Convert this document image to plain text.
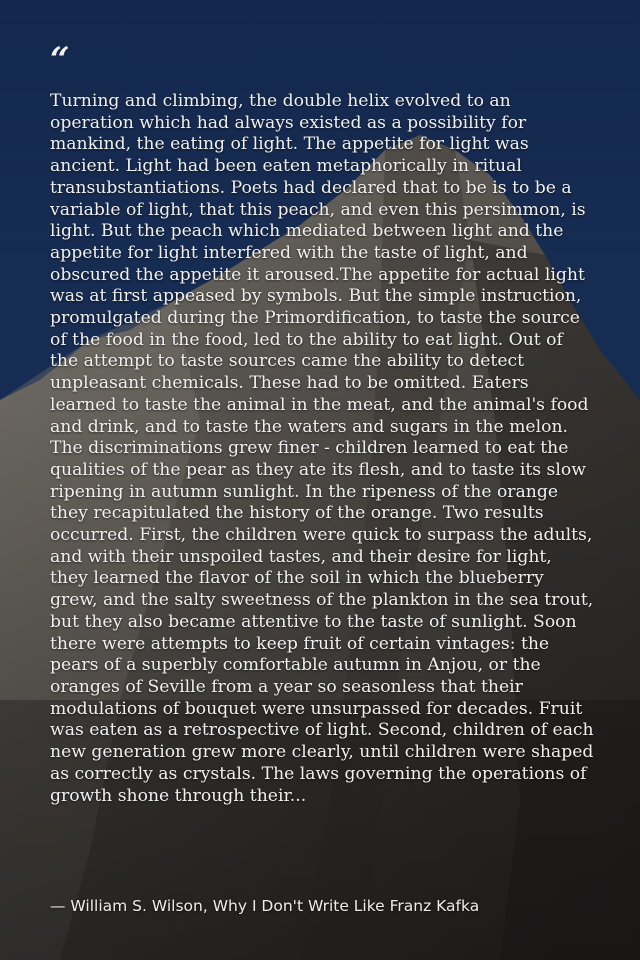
“
Turning and climbing, the double helix evolved to an operation which had always existed as a possibility for mankind, the eating of light. The appetite for light was ancient. Light had been eaten metaphorically in ritual transubstantiations. Poets had declared that to be is to be a variable of light, that this peach, and even this persimmon, is light. But the peach which mediated between light and the appetite for light interfered with the taste of light, and obscured the appetite it aroused.The appetite for actual light was at first appeased by symbols. But the simple instruction, promulgated during the Primordification, to taste the source of the food in the food, led to the ability to eat light. Out of the attempt to taste sources came the ability to detect unpleasant chemicals. These had to be omitted. Eaters learned to taste the animal in the meat, and the animal's food and drink, and to taste the waters and sugars in the melon. The discriminations grew finer - children learned to eat the qualities of the pear as they ate its flesh, and to taste its slow ripening in autumn sunlight. In the ripeness of the orange they recapitulated the history of the orange. Two results occurred. First, the children were quick to surpass the adults, and with their unspoiled tastes, and their desire for light, they learned the flavor of the soil in which the blueberry grew, and the salty sweetness of the plankton in the sea trout, but they also became attentive to the taste of sunlight. Soon there were attempts to keep fruit of certain vintages: the pears of a superbly comfortable autumn in Anjou, or the oranges of Seville from a year so seasonless that their modulations of bouquet were unsurpassed for decades. Fruit was eaten as a retrospective of light. Second, children of each new generation grew more clearly, until children were shaped as correctly as crystals. The laws governing the operations of growth shone through their...
— William S. Wilson, Why I Don't Write Like Franz Kafka
